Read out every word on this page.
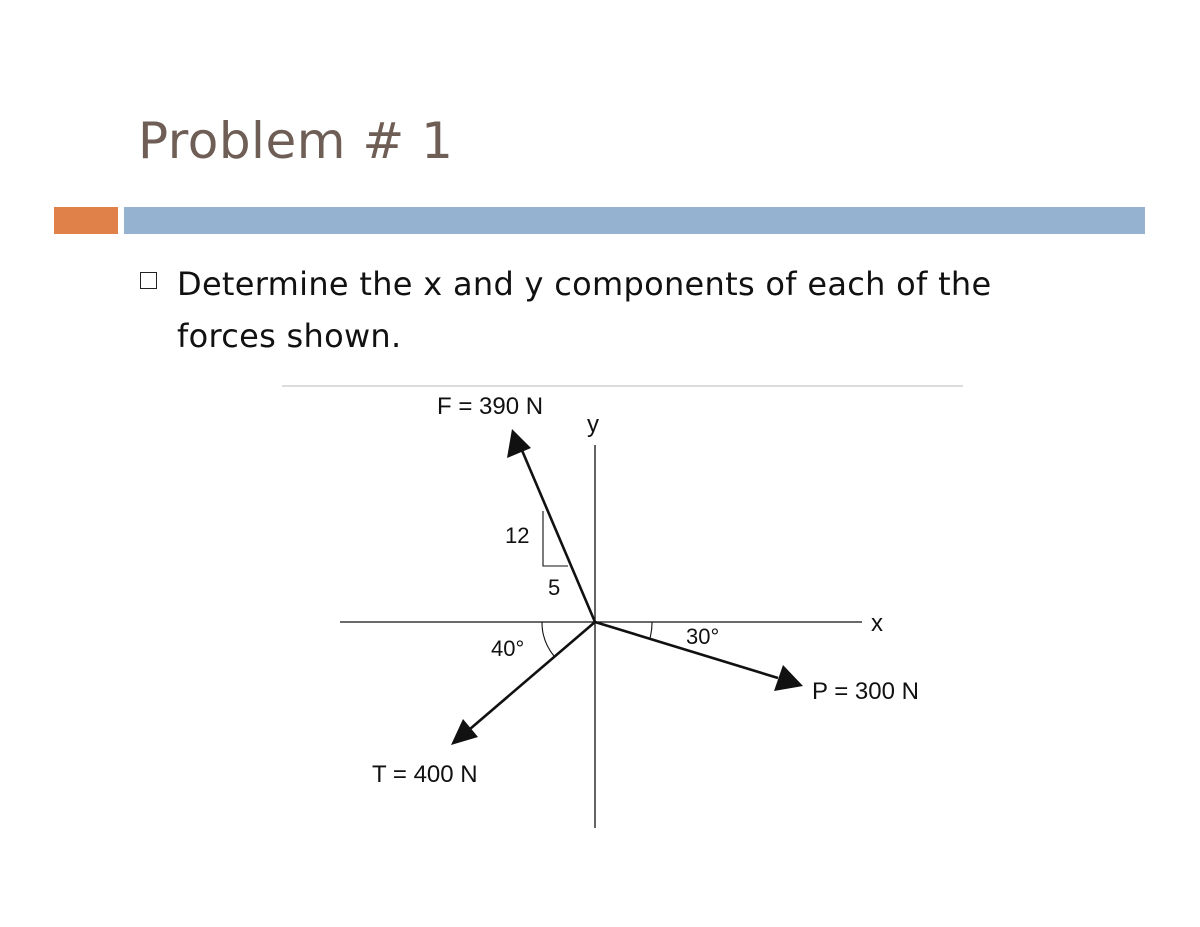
Problem # 1
Determine the x and y components of each of the forces shown.
x
y
12
5
F = 390 N
30°
P = 300 N
40°
T = 400 N
